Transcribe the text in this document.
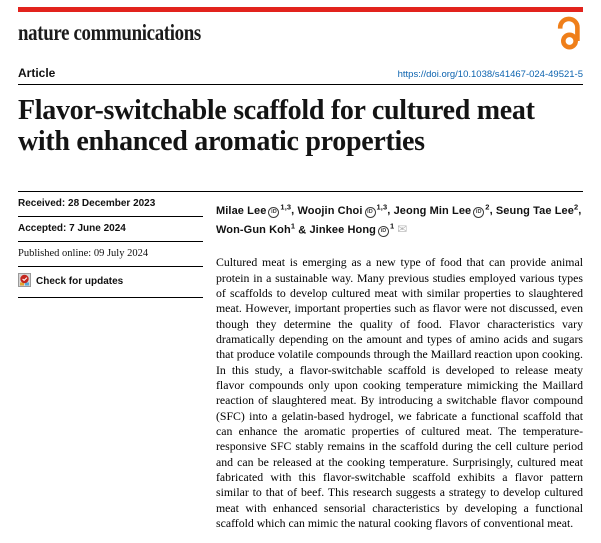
nature communications
Article	https://doi.org/10.1038/s41467-024-49521-5
Flavor-switchable scaffold for cultured meat with enhanced aromatic properties
Received: 28 December 2023
Accepted: 7 June 2024
Published online: 09 July 2024
Check for updates
Milae Lee iD$^{1,3}$, Woojin Choi iD$^{1,3}$, Jeong Min Lee $iD^2$, Seung Tae Lee$^2$, Won-Gun Koh$^1$ & Jinkee Hong $iD^1$ ✉

Cultured meat is emerging as a new type of food that can provide animal protein in a sustainable way. Many previous studies employed various types of scaffolds to develop cultured meat with similar properties to slaughtered meat. However, important properties such as flavor were not discussed, even though they determine the quality of food. Flavor characteristics vary dramatically depending on the amount and types of amino acids and sugars that produce volatile compounds through the Maillard reaction upon cooking. In this study, a flavor-switchable scaffold is developed to release meaty flavor compounds only upon cooking temperature mimicking the Maillard reaction of slaughtered meat. By introducing a switchable flavor compound (SFC) into a gelatin-based hydrogel, we fabricate a functional scaffold that can enhance the aromatic properties of cultured meat. The temperature-responsive SFC stably remains in the scaffold during the cell culture period and can be released at the cooking temperature. Surprisingly, cultured meat fabricated with this flavor-switchable scaffold exhibits a flavor pattern similar to that of beef. This research suggests a strategy to develop cultured meat with enhanced sensorial characteristics by developing a functional scaffold which can mimic the natural cooking flavors of conventional meat.
